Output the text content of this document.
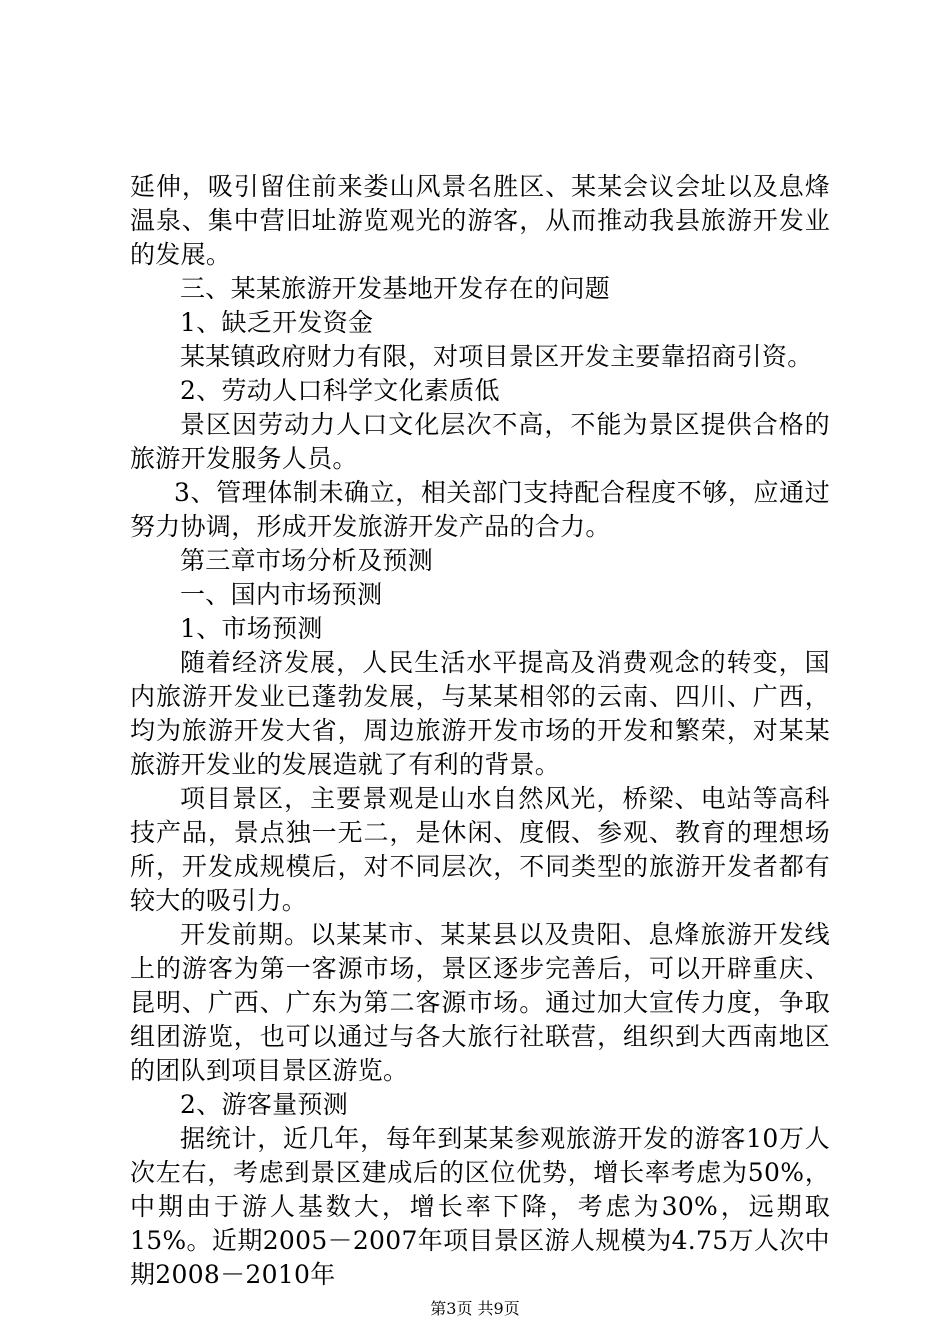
延伸，吸引留住前来娄山风景名胜区、某某会议会址以及息烽温泉、集中营旧址游览观光的游客，从而推动我县旅游开发业的发展。

三、某某旅游开发基地开发存在的问题

1、缺乏开发资金

某某镇政府财力有限，对项目景区开发主要靠招商引资。

2、劳动人口科学文化素质低

景区因劳动力人口文化层次不高，不能为景区提供合格的旅游开发服务人员。

3、管理体制未确立，相关部门支持配合程度不够，应通过努力协调，形成开发旅游开发产品的合力。

第三章市场分析及预测

一、国内市场预测

1、市场预测

随着经济发展，人民生活水平提高及消费观念的转变，国内旅游开发业已蓬勃发展，与某某相邻的云南、四川、广西，均为旅游开发大省，周边旅游开发市场的开发和繁荣，对某某旅游开发业的发展造就了有利的背景。

项目景区，主要景观是山水自然风光，桥梁、电站等高科技产品，景点独一无二，是休闲、度假、参观、教育的理想场所，开发成规模后，对不同层次，不同类型的旅游开发者都有较大的吸引力。

开发前期。以某某市、某某县以及贵阳、息烽旅游开发线上的游客为第一客源市场，景区逐步完善后，可以开辟重庆、昆明、广西、广东为第二客源市场。通过加大宣传力度，争取组团游览，也可以通过与各大旅行社联营，组织到大西南地区的团队到项目景区游览。

2、游客量预测

据统计，近几年，每年到某某参观旅游开发的游客10万人次左右，考虑到景区建成后的区位优势，增长率考虑为50%，中期由于游人基数大，增长率下降，考虑为30%，远期取15%。近期2005－2007年项目景区游人规模为4.75万人次中期2008－2010年

第3页 共9页
